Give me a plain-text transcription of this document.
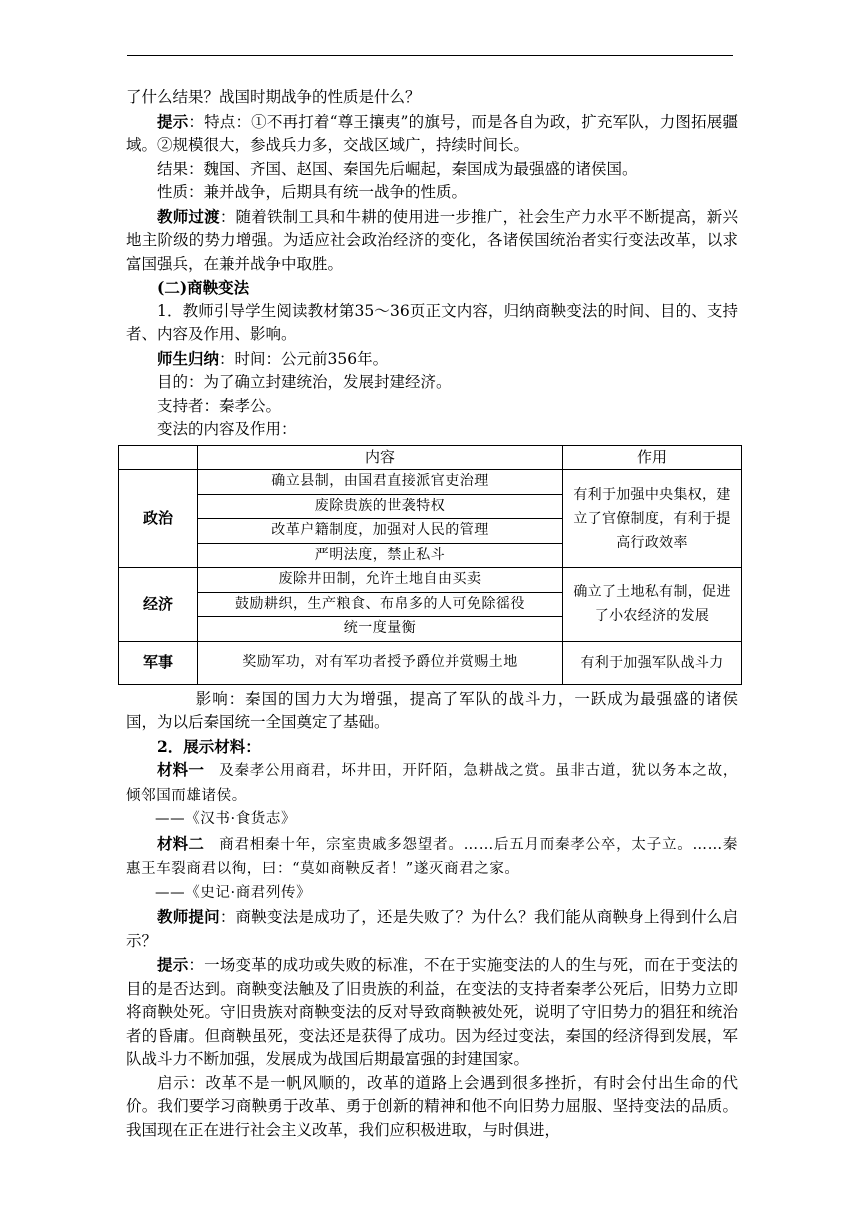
了什么结果？战国时期战争的性质是什么？

提示：特点：①不再打着“尊王攘夷”的旗号，而是各自为政，扩充军队，力图拓展疆域。②规模很大，参战兵力多，交战区域广，持续时间长。

结果：魏国、齐国、赵国、秦国先后崛起，秦国成为最强盛的诸侯国。

性质：兼并战争，后期具有统一战争的性质。

教师过渡：随着铁制工具和牛耕的使用进一步推广，社会生产力水平不断提高，新兴地主阶级的势力增强。为适应社会政治经济的变化，各诸侯国统治者实行变法改革，以求富国强兵，在兼并战争中取胜。

(二)商鞅变法

1．教师引导学生阅读教材第35～36页正文内容，归纳商鞅变法的时间、目的、支持者、内容及作用、影响。

师生归纳：时间：公元前356年。

目的：为了确立封建统治，发展封建经济。

支持者：秦孝公。

变法的内容及作用：

	内容	作用
政治	确立县制，由国君直接派官吏治理	有利于加强中央集权，建立了官僚制度，有利于提高行政效率
	废除贵族的世袭特权	
	改革户籍制度，加强对人民的管理	
	严明法度，禁止私斗	
经济	废除井田制，允许土地自由买卖	确立了土地私有制，促进了小农经济的发展
	鼓励耕织，生产粮食、布帛多的人可免除徭役	
	统一度量衡	
军事	奖励军功，对有军功者授予爵位并赏赐土地	有利于加强军队战斗力

影响：秦国的国力大为增强，提高了军队的战斗力，一跃成为最强盛的诸侯国，为以后秦国统一全国奠定了基础。

2．展示材料：

材料一　及秦孝公用商君，坏井田，开阡陌，急耕战之赏。虽非古道，犹以务本之故，倾邻国而雄诸侯。

——《汉书·食货志》

材料二　商君相秦十年，宗室贵戚多怨望者。……后五月而秦孝公卒，太子立。……秦惠王车裂商君以徇，曰：“莫如商鞅反者！”遂灭商君之家。

——《史记·商君列传》

教师提问：商鞅变法是成功了，还是失败了？为什么？我们能从商鞅身上得到什么启示？

提示：一场变革的成功或失败的标准，不在于实施变法的人的生与死，而在于变法的目的是否达到。商鞅变法触及了旧贵族的利益，在变法的支持者秦孝公死后，旧势力立即将商鞅处死。守旧贵族对商鞅变法的反对导致商鞅被处死，说明了守旧势力的猖狂和统治者的昏庸。但商鞅虽死，变法还是获得了成功。因为经过变法，秦国的经济得到发展，军队战斗力不断加强，发展成为战国后期最富强的封建国家。

启示：改革不是一帆风顺的，改革的道路上会遇到很多挫折，有时会付出生命的代价。我们要学习商鞅勇于改革、勇于创新的精神和他不向旧势力屈服、坚持变法的品质。我国现在正在进行社会主义改革，我们应积极进取，与时俱进，
